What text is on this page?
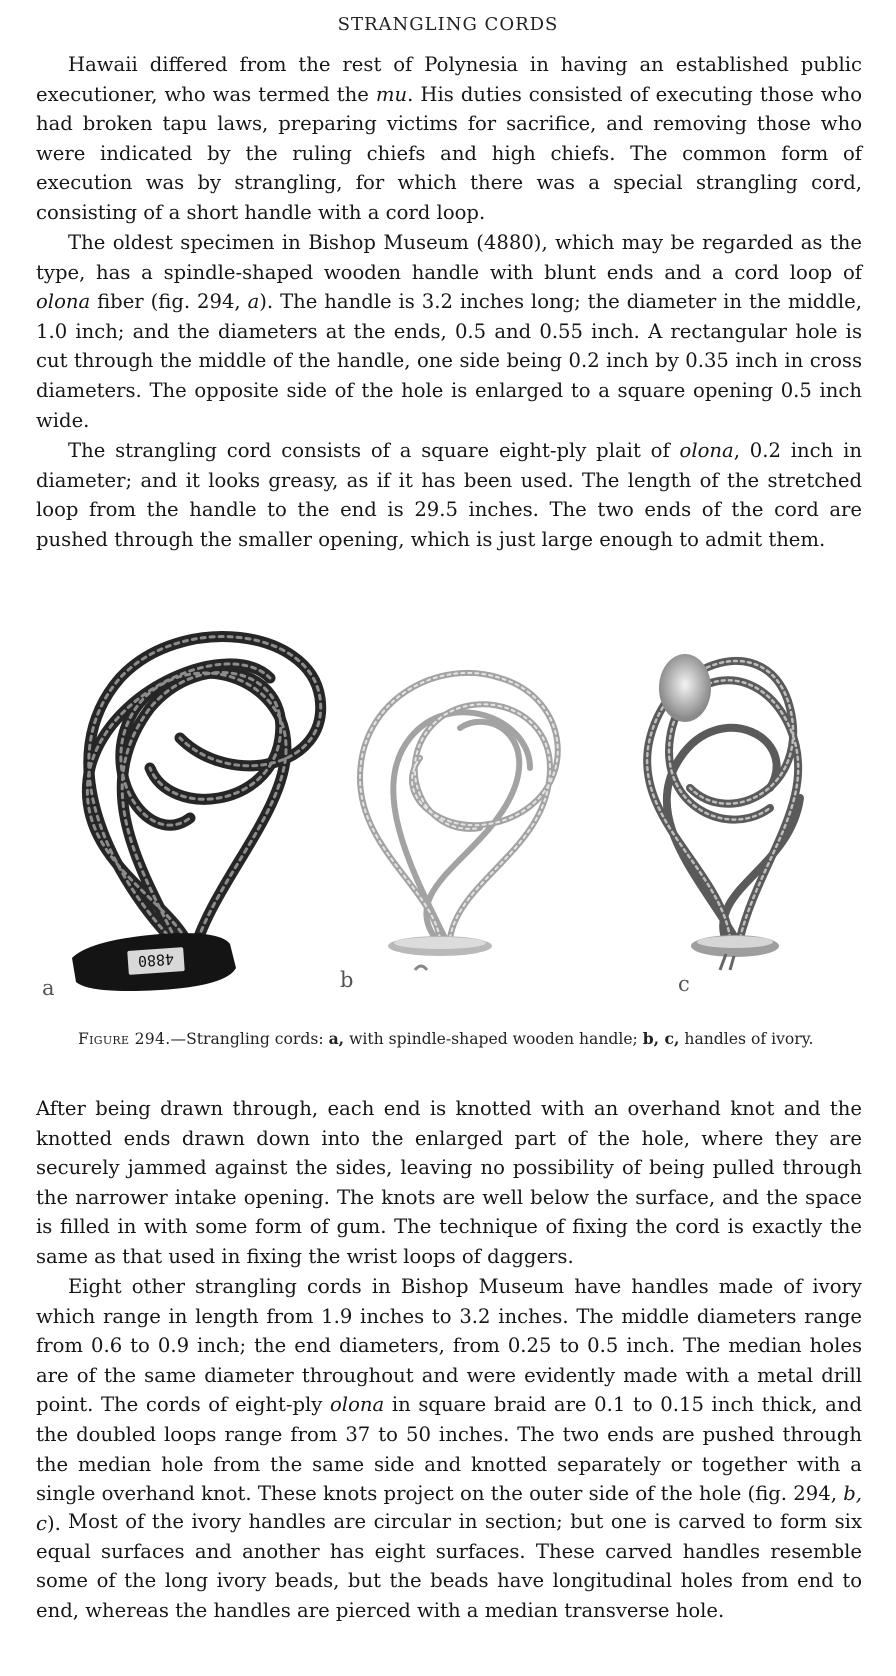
STRANGLING CORDS

Hawaii differed from the rest of Polynesia in having an established public executioner, who was termed the mu. His duties consisted of executing those who had broken tapu laws, preparing victims for sacrifice, and removing those who were indicated by the ruling chiefs and high chiefs. The common form of execution was by strangling, for which there was a special strangling cord, consisting of a short handle with a cord loop.

The oldest specimen in Bishop Museum (4880), which may be regarded as the type, has a spindle-shaped wooden handle with blunt ends and a cord loop of olona fiber (fig. 294, a). The handle is 3.2 inches long; the diameter in the middle, 1.0 inch; and the diameters at the ends, 0.5 and 0.55 inch. A rectangular hole is cut through the middle of the handle, one side being 0.2 inch by 0.35 inch in cross diameters. The opposite side of the hole is enlarged to a square opening 0.5 inch wide.

The strangling cord consists of a square eight-ply plait of olona, 0.2 inch in diameter; and it looks greasy, as if it has been used. The length of the stretched loop from the handle to the end is 29.5 inches. The two ends of the cord are pushed through the smaller opening, which is just large enough to admit them.

4880
a	b	c

Figure 294.—Strangling cords: a, with spindle-shaped wooden handle; b, c, handles of ivory.

After being drawn through, each end is knotted with an overhand knot and the knotted ends drawn down into the enlarged part of the hole, where they are securely jammed against the sides, leaving no possibility of being pulled through the narrower intake opening. The knots are well below the surface, and the space is filled in with some form of gum. The technique of fixing the cord is exactly the same as that used in fixing the wrist loops of daggers.

Eight other strangling cords in Bishop Museum have handles made of ivory which range in length from 1.9 inches to 3.2 inches. The middle diameters range from 0.6 to 0.9 inch; the end diameters, from 0.25 to 0.5 inch. The median holes are of the same diameter throughout and were evidently made with a metal drill point. The cords of eight-ply olona in square braid are 0.1 to 0.15 inch thick, and the doubled loops range from 37 to 50 inches. The two ends are pushed through the median hole from the same side and knotted separately or together with a single overhand knot. These knots project on the outer side of the hole (fig. 294, b, c). Most of the ivory handles are circular in section; but one is carved to form six equal surfaces and another has eight surfaces. These carved handles resemble some of the long ivory beads, but the beads have longitudinal holes from end to end, whereas the handles are pierced with a median transverse hole.
